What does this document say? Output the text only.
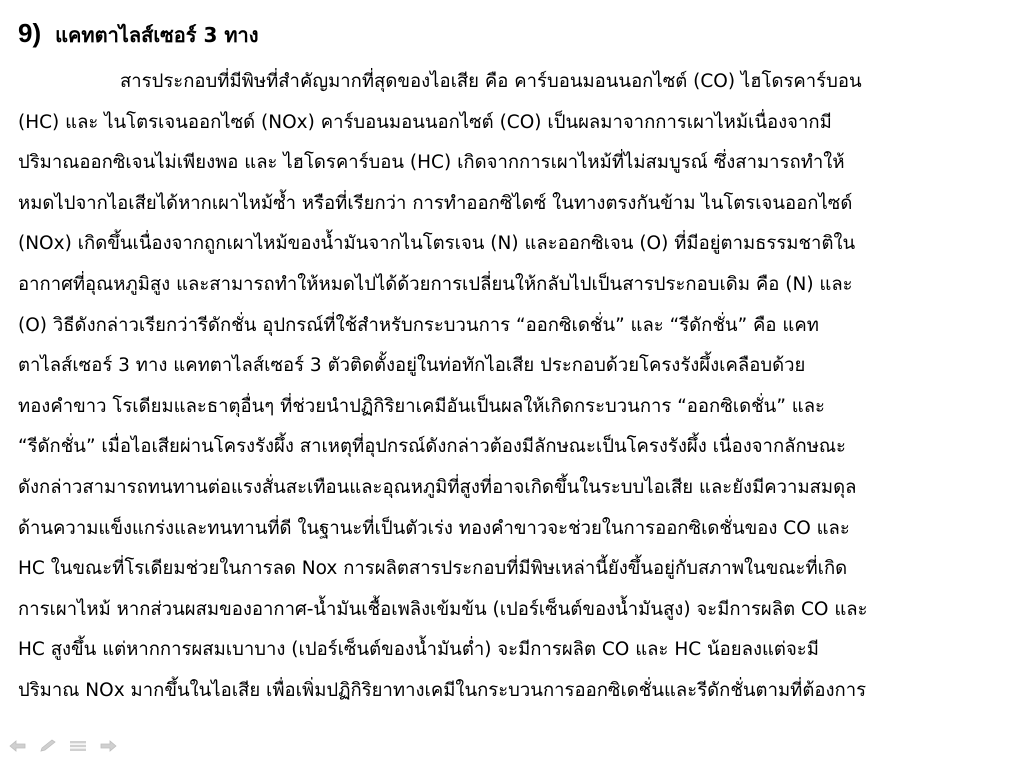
9) แคทตาไลส์เซอร์ 3 ทาง
สารประกอบที่มีพิษที่สำคัญมากที่สุดของไอเสีย คือ คาร์บอนมอนนอกไซต์ (CO) ไฮโดรคาร์บอน
(HC) และ ไนโตรเจนออกไซด์ (NOx) คาร์บอนมอนนอกไซต์ (CO) เป็นผลมาจากการเผาไหม้เนื่องจากมี
ปริมาณออกซิเจนไม่เพียงพอ และ ไฮโดรคาร์บอน (HC) เกิดจากการเผาไหม้ที่ไม่สมบูรณ์ ซึ่งสามารถทำให้
หมดไปจากไอเสียได้หากเผาไหม้ซ้ำ หรือที่เรียกว่า การทำออกซิไดซ์ ในทางตรงกันข้าม ไนโตรเจนออกไซด์
(NOx) เกิดขึ้นเนื่องจากถูกเผาไหม้ของน้ำมันจากไนโตรเจน (N) และออกซิเจน (O) ที่มีอยู่ตามธรรมชาติใน
อากาศที่อุณหภูมิสูง และสามารถทำให้หมดไปได้ด้วยการเปลี่ยนให้กลับไปเป็นสารประกอบเดิม คือ (N) และ
(O) วิธีดังกล่าวเรียกว่ารีดักชั่น อุปกรณ์ที่ใช้สำหรับกระบวนการ “ออกซิเดชั่น” และ “รีดักชั่น” คือ แคท
ตาไลส์เซอร์ 3 ทาง แคทตาไลส์เซอร์ 3 ตัวติดตั้งอยู่ในท่อทักไอเสีย ประกอบด้วยโครงรังผึ้งเคลือบด้วย
ทองคำขาว โรเดียมและธาตุอื่นๆ ที่ช่วยนำปฏิกิริยาเคมีอันเป็นผลให้เกิดกระบวนการ “ออกซิเดชั่น” และ
“รีดักชั่น” เมื่อไอเสียผ่านโครงรังผึ้ง สาเหตุที่อุปกรณ์ดังกล่าวต้องมีลักษณะเป็นโครงรังผึ้ง เนื่องจากลักษณะ
ดังกล่าวสามารถทนทานต่อแรงสั่นสะเทือนและอุณหภูมิที่สูงที่อาจเกิดขึ้นในระบบไอเสีย และยังมีความสมดุล
ด้านความแข็งแกร่งและทนทานที่ดี ในฐานะที่เป็นตัวเร่ง ทองคำขาวจะช่วยในการออกซิเดชั่นของ CO และ
HC ในขณะที่โรเดียมช่วยในการลด Nox การผลิตสารประกอบที่มีพิษเหล่านี้ยังขึ้นอยู่กับสภาพในขณะที่เกิด
การเผาไหม้ หากส่วนผสมของอากาศ-น้ำมันเชื้อเพลิงเข้มข้น (เปอร์เซ็นต์ของน้ำมันสูง) จะมีการผลิต CO และ
HC สูงขึ้น แต่หากการผสมเบาบาง (เปอร์เซ็นต์ของน้ำมันต่ำ) จะมีการผลิต CO และ HC น้อยลงแต่จะมี
ปริมาณ NOx มากขึ้นในไอเสีย เพื่อเพิ่มปฏิกิริยาทางเคมีในกระบวนการออกซิเดชั่นและรีดักชั่นตามที่ต้องการ
